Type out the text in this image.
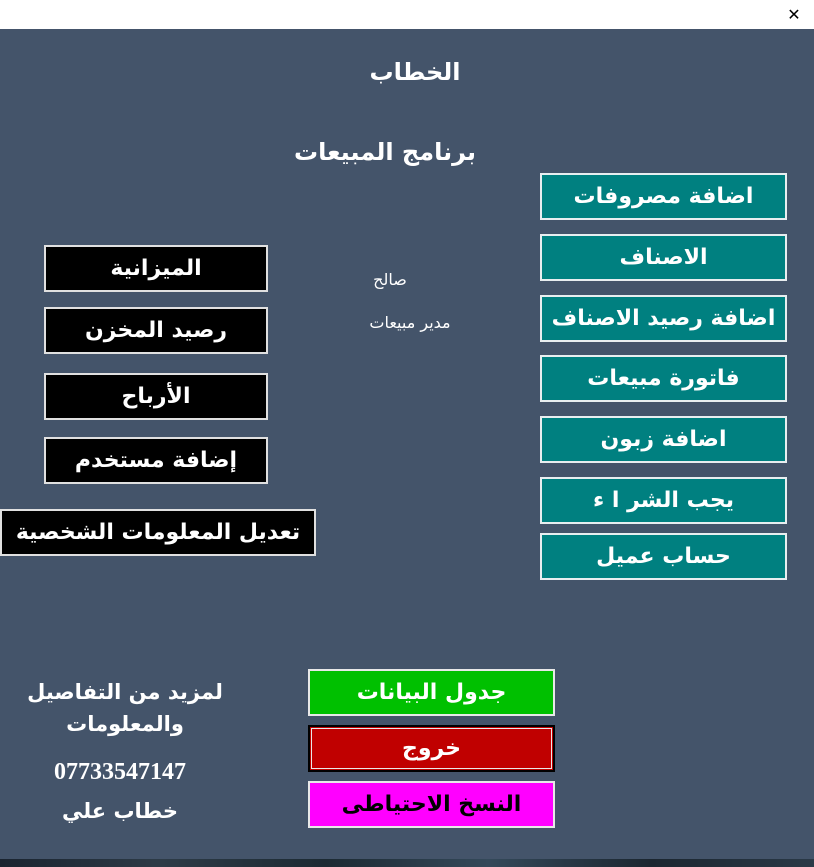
✕
الخطاب
برنامج المبيعات
صالح
مدير مبيعات
اضافة مصروفات
الاصناف
اضافة رصيد الاصناف
فاتورة مبيعات
اضافة زبون
يجب الشر ا ء
حساب عميل
الميزانية
رصيد المخزن
الأرباح
إضافة مستخدم
تعديل المعلومات الشخصية
جدول البيانات
خروج
النسخ الاحتياطى
لمزيد من التفاصيل
والمعلومات
07733547147
خطاب علي
